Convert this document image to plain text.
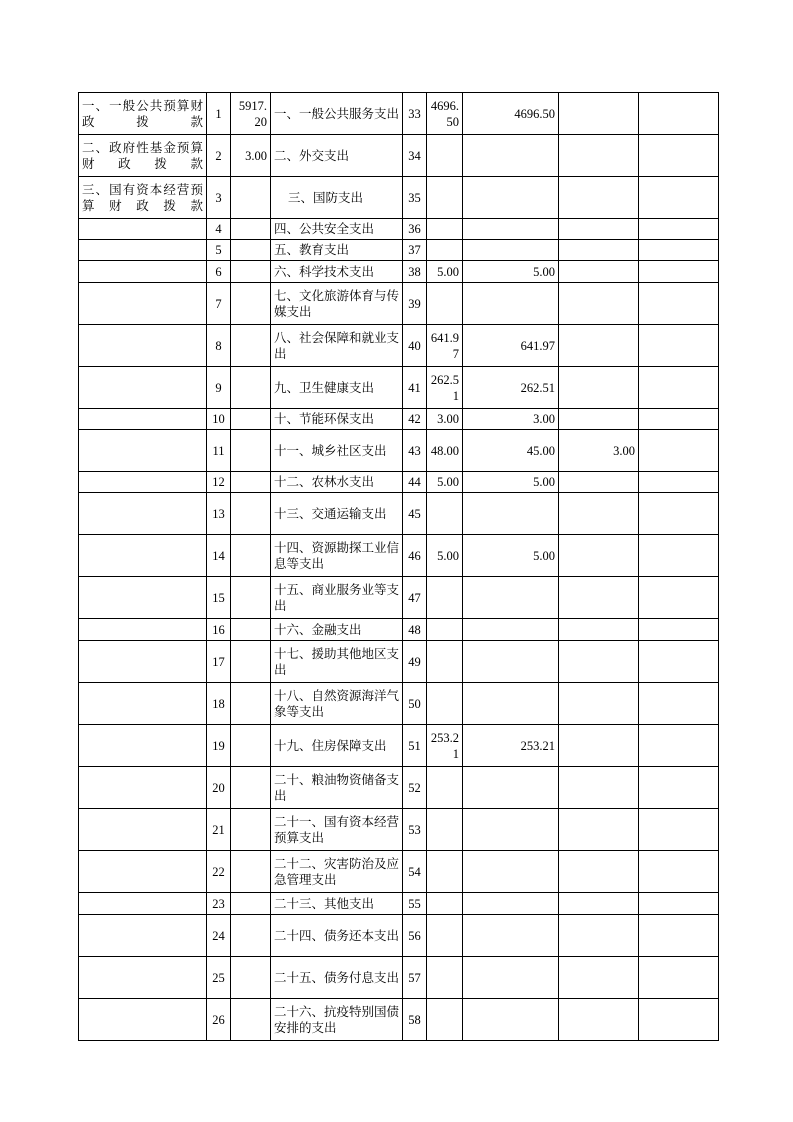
一、一般公共预算财政拨款	1	5917.20	一、一般公共服务支出	33	4696.50	4696.50		
二、政府性基金预算财政拨款	2	3.00	二、外交支出	34				
三、国有资本经营预算财政拨款	3		三、国防支出	35				
	4		四、公共安全支出	36				
	5		五、教育支出	37				
	6		六、科学技术支出	38	5.00	5.00		
	7		七、文化旅游体育与传媒支出	39				
	8		八、社会保障和就业支出	40	641.97	641.97		
	9		九、卫生健康支出	41	262.51	262.51		
	10		十、节能环保支出	42	3.00	3.00		
	11		十一、城乡社区支出	43	48.00	45.00	3.00	
	12		十二、农林水支出	44	5.00	5.00		
	13		十三、交通运输支出	45				
	14		十四、资源勘探工业信息等支出	46	5.00	5.00		
	15		十五、商业服务业等支出	47				
	16		十六、金融支出	48				
	17		十七、援助其他地区支出	49				
	18		十八、自然资源海洋气象等支出	50				
	19		十九、住房保障支出	51	253.21	253.21		
	20		二十、粮油物资储备支出	52				
	21		二十一、国有资本经营预算支出	53				
	22		二十二、灾害防治及应急管理支出	54				
	23		二十三、其他支出	55				
	24		二十四、债务还本支出	56				
	25		二十五、债务付息支出	57				
	26		二十六、抗疫特别国债安排的支出	58				
